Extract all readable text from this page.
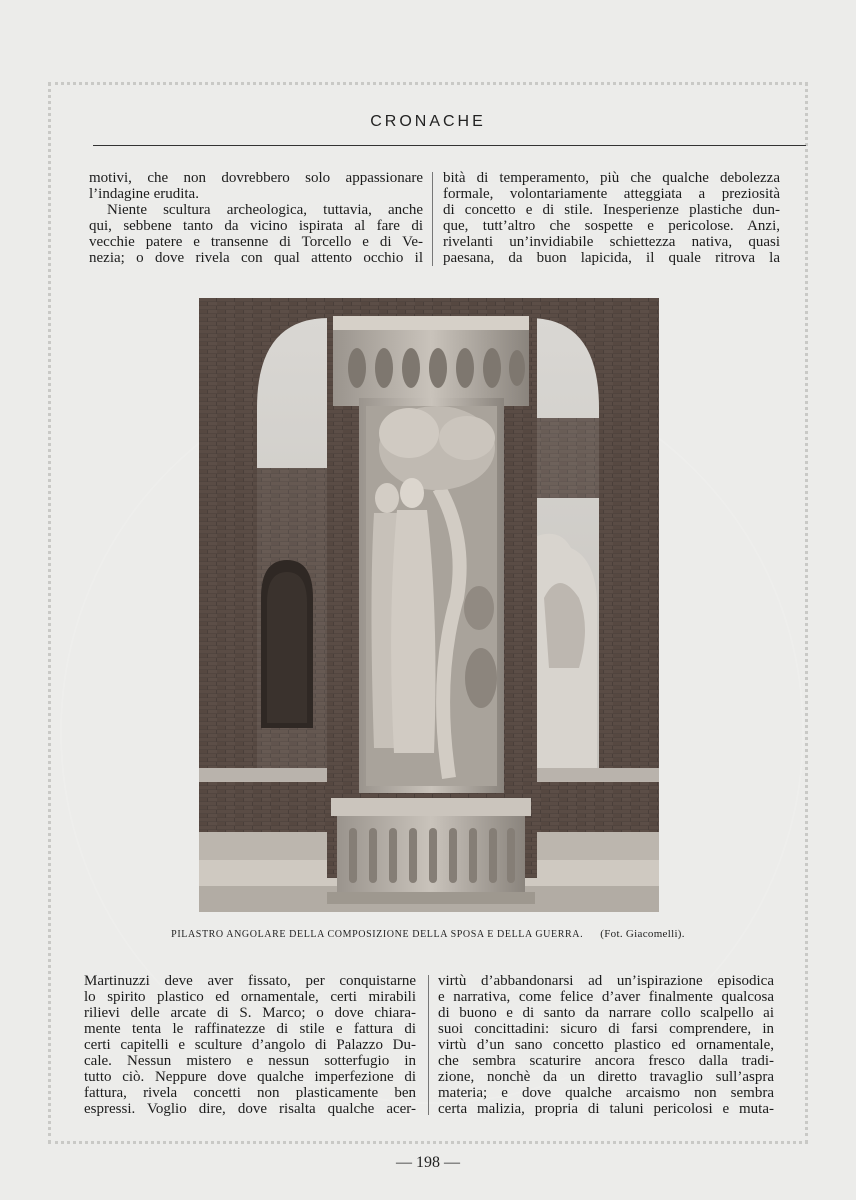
CRONACHE

motivi, che non dovrebbero solo appassionare

l’indagine erudita.

Niente scultura archeologica, tuttavia, anche

qui, sebbene tanto da vicino ispirata al fare di

vecchie patere e transenne di Torcello e di Ve-

nezia; o dove rivela con qual attento occhio il

bità di temperamento, più che qualche debolezza

formale, volontariamente atteggiata a preziosità

di concetto e di stile. Inesperienze plastiche dun-

que, tutt’altro che sospette e pericolose. Anzi,

rivelanti un’invidiabile schiettezza nativa, quasi

paesana, da buon lapicida, il quale ritrova la

PILASTRO ANGOLARE DELLA COMPOSIZIONE DELLA SPOSA E DELLA GUERRA. (Fot. Giacomelli).

Martinuzzi deve aver fissato, per conquistarne

lo spirito plastico ed ornamentale, certi mirabili

rilievi delle arcate di S. Marco; o dove chiara-

mente tenta le raffinatezze di stile e fattura di

certi capitelli e sculture d’angolo di Palazzo Du-

cale. Nessun mistero e nessun sotterfugio in

tutto ciò. Neppure dove qualche imperfezione di

fattura, rivela concetti non plasticamente ben

espressi. Voglio dire, dove risalta qualche acer-

virtù d’abbandonarsi ad un’ispirazione episodica

e narrativa, come felice d’aver finalmente qualcosa

di buono e di santo da narrare collo scalpello ai

suoi concittadini: sicuro di farsi comprendere, in

virtù d’un sano concetto plastico ed ornamentale,

che sembra scaturire ancora fresco dalla tradi-

zione, nonchè da un diretto travaglio sull’aspra

materia; e dove qualche arcaismo non sembra

certa malizia, propria di taluni pericolosi e muta-

— 198 —
